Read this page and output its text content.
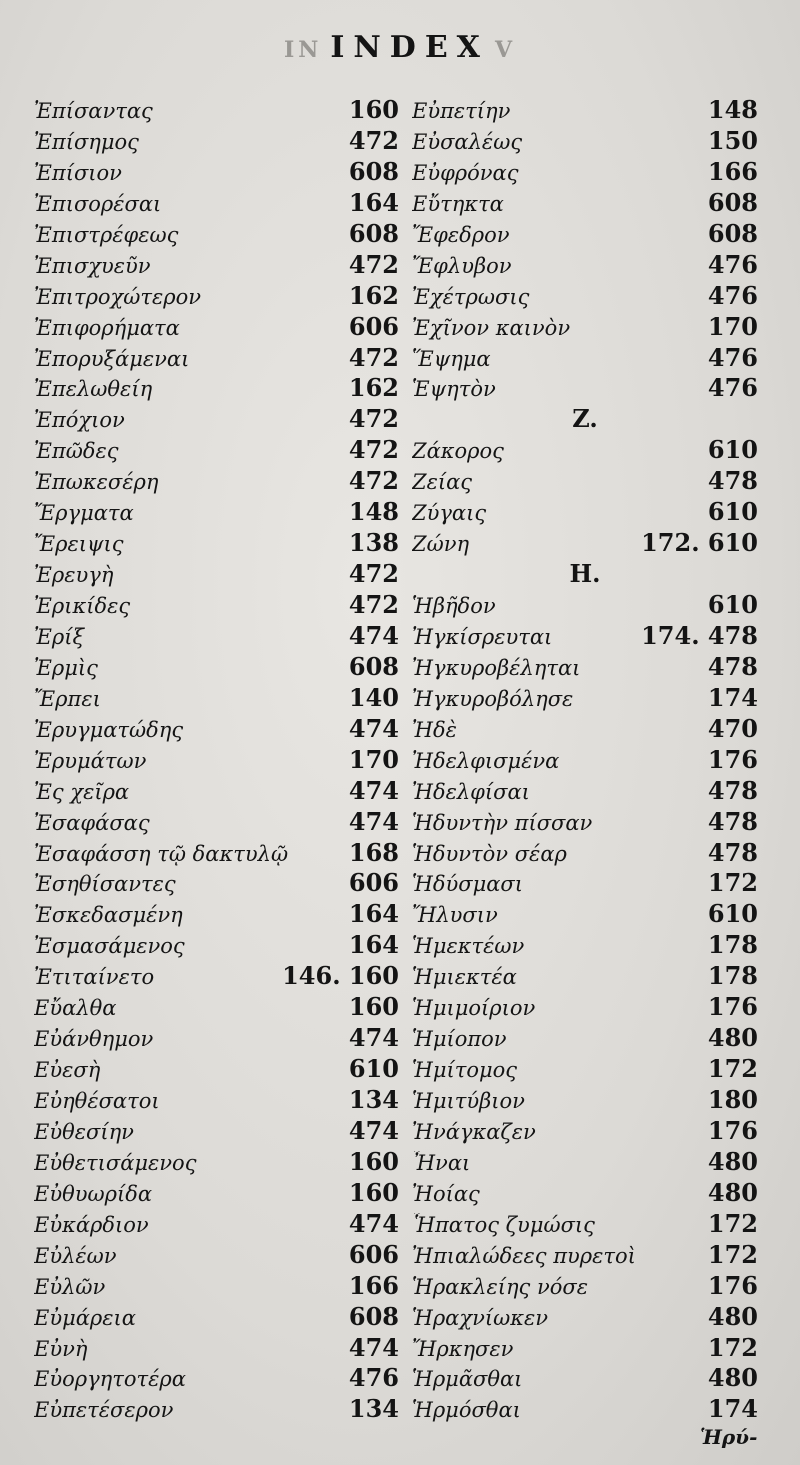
ΙΝ INDEX V
Ἐπίσαντας	160
Ἐπίσημος	472
Ἐπίσιον	608
Ἐπισορέσαι	164
Ἐπιστρέφεως	608
Ἐπισχυεῦν	472
Ἐπιτροχώτερον	162
Ἐπιφορήματα	606
Ἐπορυξάμεναι	472
Ἐπελωθείη	162
Ἐπόχιον	472
Ἐπῶδες	472
Ἐπωκεσέρη	472
Ἔργματα	148
Ἔρειψις	138
Ἐρευγὴ	472
Ἐρικίδες	472
Ἐρίξ	474
Ἐρμὶς	608
Ἔρπει	140
Ἐρυγματώδης	474
Ἐρυμάτων	170
Ἐς χεῖρα	474
Ἐσαφάσας	474
Ἐσαφάσση τῷ δακτυλῷ	168
Ἐσηθίσαντες	606
Ἐσκεδασμένη	164
Ἐσμασάμενος	164
Ἐτιταίνετο	146. 160
Εὔαλθα	160
Εὐάνθημον	474
Εὐεσὴ	610
Εὐηθέσατοι	134
Εὐθεσίην	474
Εὐθετισάμενος	160
Εὐθυωρίδα	160
Εὐκάρδιον	474
Εὐλέων	606
Εὐλῶν	166
Εὐμάρεια	608
Εὐνὴ	474
Εὐοργητοτέρα	476
Εὐπετέσερον	134
Εὐπετίην	148
Εὐσαλέως	150
Εὐφρόνας	166
Εὔτηκτα	608
Ἔφεδρον	608
Ἔφλυβον	476
Ἐχέτρωσις	476
Ἐχῖνον καινὸν	170
Ἕψημα	476
Ἑψητὸν	476
Z.
Ζάκορος	610
Ζείας	478
Ζύγαις	610
Ζώνη	172. 610
H.
Ἡβῆδον	610
Ἠγκίσρευται	174. 478
Ἠγκυροβέληται	478
Ἠγκυροβόλησε	174
Ἠδὲ	470
Ἠδελφισμένα	176
Ἠδελφίσαι	478
Ἡδυντὴν πίσσαν	478
Ἡδυντὸν σέαρ	478
Ἡδύσμασι	172
Ἤλυσιν	610
Ἡμεκτέων	178
Ἡμιεκτέα	178
Ἡμιμοίριον	176
Ἡμίοπον	480
Ἡμίτομος	172
Ἡμιτύβιον	180
Ἠνάγκαζεν	176
Ἦναι	480
Ἠοίας	480
Ἧπατος ζυμώσις	172
Ἠπιαλώδεες πυρετοὶ	172
Ἡρακλείης νόσε	176
Ἡραχνίωκεν	480
Ἤρκησεν	172
Ἡρμᾶσθαι	480
Ἡρμόσθαι	174
Ἡρύ-
